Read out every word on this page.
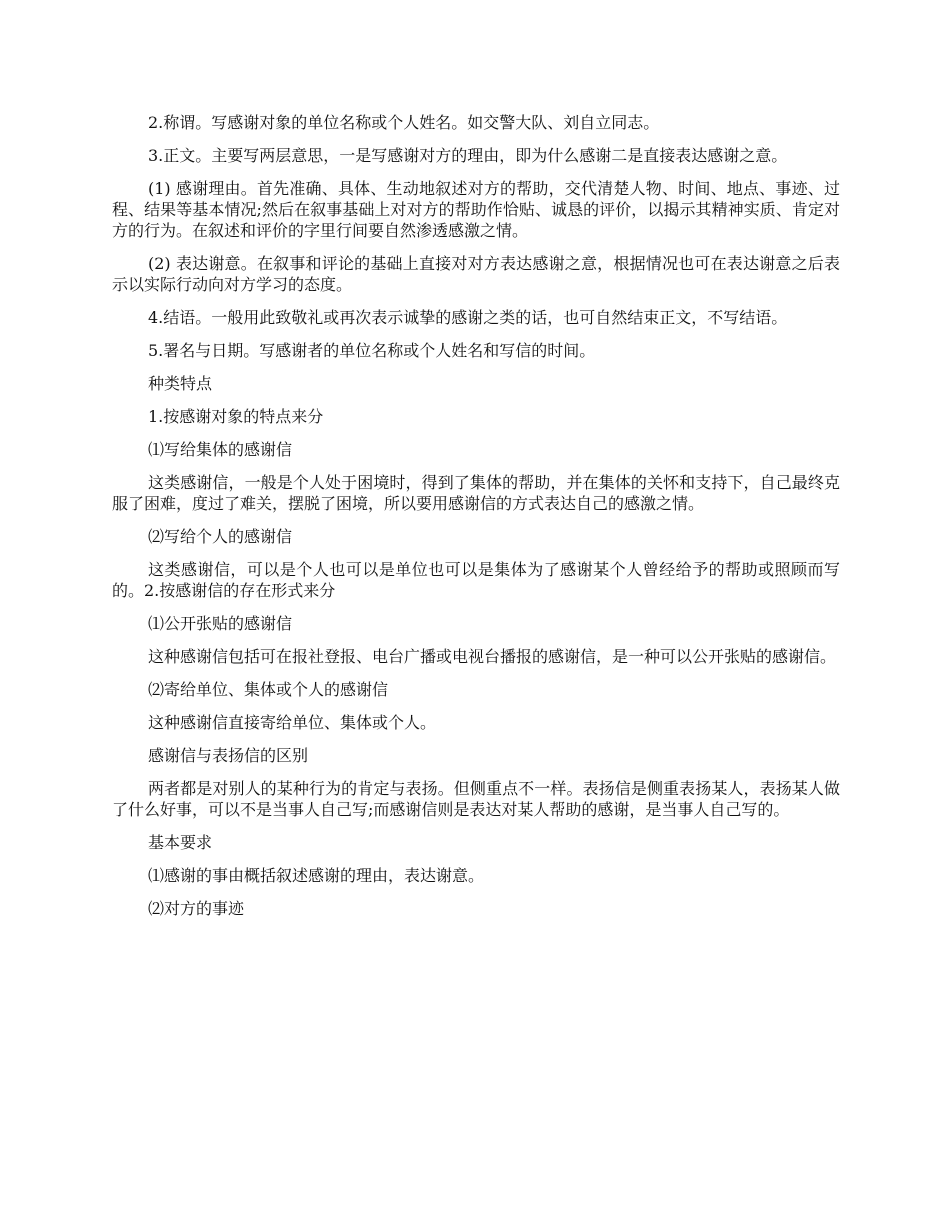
2.称谓。写感谢对象的单位名称或个人姓名。如交警大队、刘自立同志。

3.正文。主要写两层意思，一是写感谢对方的理由，即为什么感谢二是直接表达感谢之意。

(1) 感谢理由。首先准确、具体、生动地叙述对方的帮助，交代清楚人物、时间、地点、事迹、过程、结果等基本情况;然后在叙事基础上对对方的帮助作恰贴、诚恳的评价，以揭示其精神实质、肯定对方的行为。在叙述和评价的字里行间要自然渗透感激之情。

(2) 表达谢意。在叙事和评论的基础上直接对对方表达感谢之意，根据情况也可在表达谢意之后表示以实际行动向对方学习的态度。

4.结语。一般用此致敬礼或再次表示诚挚的感谢之类的话，也可自然结束正文，不写结语。

5.署名与日期。写感谢者的单位名称或个人姓名和写信的时间。

种类特点

1.按感谢对象的特点来分

⑴写给集体的感谢信

这类感谢信，一般是个人处于困境时，得到了集体的帮助，并在集体的关怀和支持下，自己最终克服了困难，度过了难关，摆脱了困境，所以要用感谢信的方式表达自己的感激之情。

⑵写给个人的感谢信

这类感谢信，可以是个人也可以是单位也可以是集体为了感谢某个人曾经给予的帮助或照顾而写的。2.按感谢信的存在形式来分

⑴公开张贴的感谢信

这种感谢信包括可在报社登报、电台广播或电视台播报的感谢信，是一种可以公开张贴的感谢信。

⑵寄给单位、集体或个人的感谢信

这种感谢信直接寄给单位、集体或个人。

感谢信与表扬信的区别

两者都是对别人的某种行为的肯定与表扬。但侧重点不一样。表扬信是侧重表扬某人，表扬某人做了什么好事，可以不是当事人自己写;而感谢信则是表达对某人帮助的感谢，是当事人自己写的。

基本要求

⑴感谢的事由概括叙述感谢的理由，表达谢意。

⑵对方的事迹
